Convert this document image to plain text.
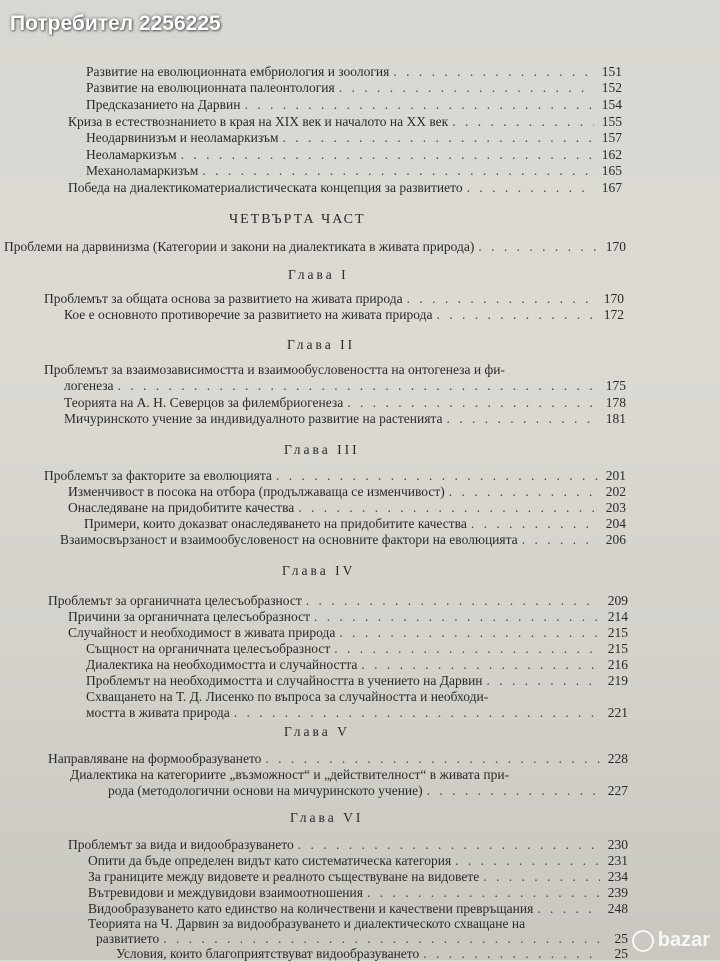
Потребител 2256225
Развитие на еволюционната ембриология и зоология . . .	151
Развитие на еволюционната палеонтология . . .	152
Предсказанието на Дарвин . . .	154
Криза в естествознанието в края на XIX век и началото на XX век . . .	155
Неодарвинизъм и неоламаркизъм . . .	157
Неоламаркизъм . . .	162
Механоламаркизъм . . .	165
Победа на диалектикоматериалистическата концепция за развитието . . .	167
ЧЕТВЪРТА ЧАСТ
Проблеми на дарвинизма (Категории и закони на диалектиката в живата природа) . . .	170
Глава I
Проблемът за общата основа за развитието на живата природа . . .	170
Кое е основното противоречие за развитието на живата природа . . .	172
Глава II
Проблемът за взаимозависимостта и взаимообусловеността на онтогенеза и фи-
логенеза . . .	175
Теорията на А. Н. Северцов за филембриогенеза . . .	178
Мичуринското учение за индивидуалното развитие на растенията . . .	181
Глава III
Проблемът за факторите за еволюцията . . .	201
Изменчивост в посока на отбора (продължаваща се изменчивост) . . .	202
Онаследяване на придобитите качества . . .	203
Примери, които доказват онаследяването на придобитите качества . . .	204
Взаимосвързаност и взаимообусловеност на основните фактори на еволюцията . . .	206
Глава IV
Проблемът за органичната целесъобразност . . .	209
Причини за органичната целесъобразност . . .	214
Случайност и необходимост в живата природа . . .	215
Същност на органичната целесъобразност . . .	215
Диалектика на необходимостта и случайността . . .	216
Проблемът на необходимостта и случайността в учението на Дарвин . . .	219
Схващането на Т. Д. Лисенко по въпроса за случайността и необходи-
мостта в живата природа . . .	221
Глава V
Направляване на формообразуването . . .	228
Диалектика на категориите „възможност“ и „действителност“ в живата при-
рода (методологични основи на мичуринското учение) . . .	227
Глава VI
Проблемът за вида и видообразуването . . .	230
Опити да бъде определен видът като систематическа категория . . .	231
За границите между видовете и реалното съществуване на видовете . . .	234
Вътревидови и междувидови взаимоотношения . . .	239
Видообразуването като единство на количествени и качествени превръщания . . .	248
Теорията на Ч. Дарвин за видообразуването и диалектическото схващане на
развитието . . .	25
Условия, които благоприятствуват видообразуването . . .	25
bazar
